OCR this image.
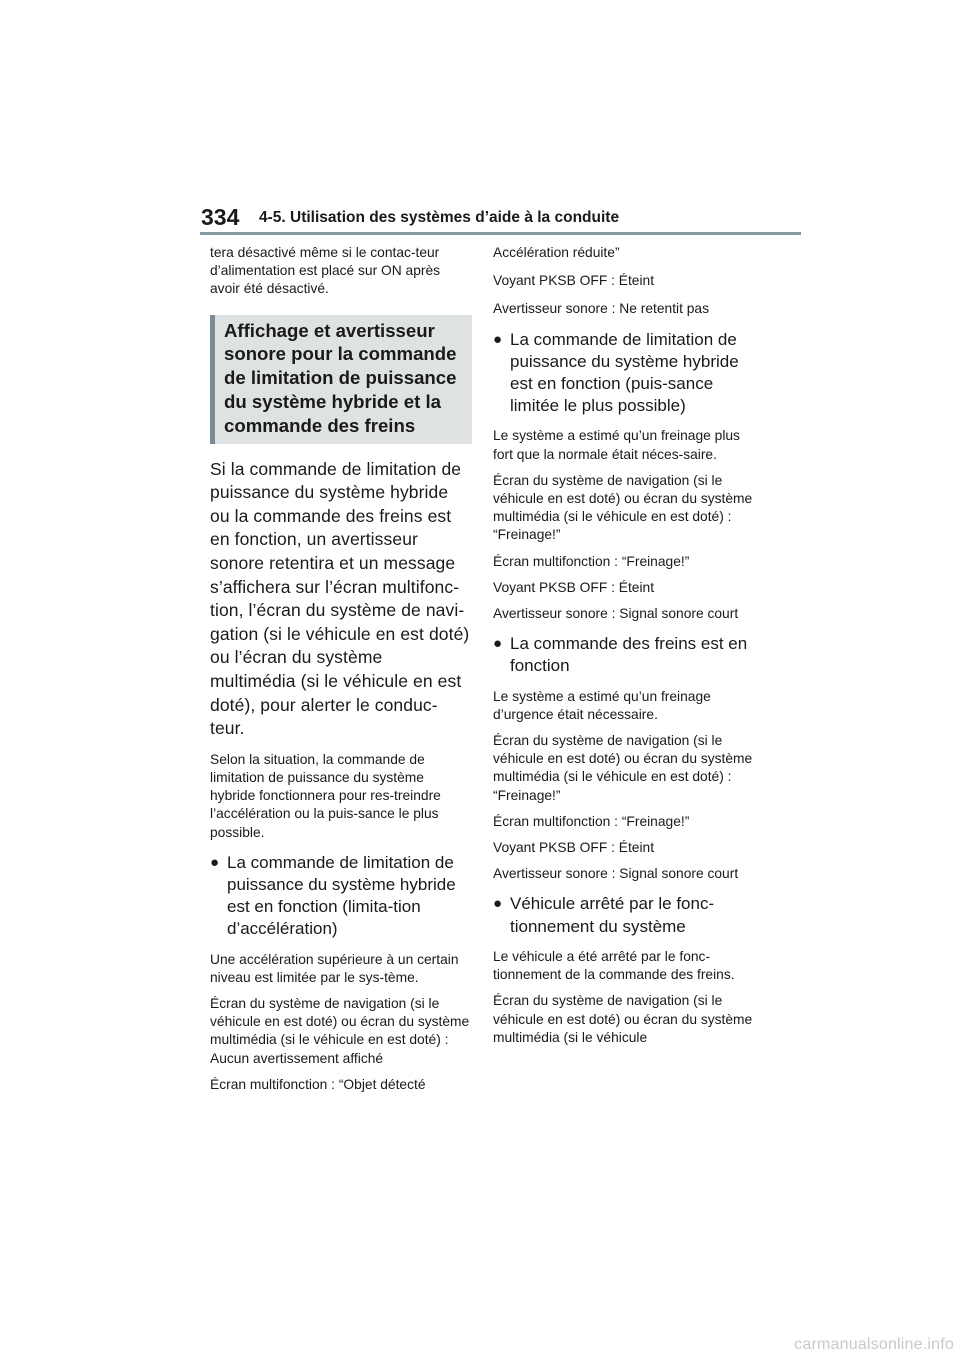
334 4-5. Utilisation des systèmes d’aide à la conduite

tera désactivé même si le contac-teur d’alimentation est placé sur ON après avoir été désactivé.

Affichage et avertisseur sonore pour la commande de limitation de puissance du système hybride et la commande des freins

Si la commande de limitation de puissance du système hybride ou la commande des freins est en fonction, un avertisseur sonore retentira et un message s’affichera sur l’écran multifonc-tion, l’écran du système de navi-gation (si le véhicule en est doté) ou l’écran du système multimédia (si le véhicule en est doté), pour alerter le conduc-teur.

Selon la situation, la commande de limitation de puissance du système hybride fonctionnera pour res-treindre l’accélération ou la puis-sance le plus possible.

● La commande de limitation de puissance du système hybride est en fonction (limita-tion d’accélération)

Une accélération supérieure à un certain niveau est limitée par le sys-tème.

Écran du système de navigation (si le véhicule en est doté) ou écran du système multimédia (si le véhicule en est doté) : Aucun avertissement affiché

Écran multifonction : “Objet détecté

Accélération réduite”

Voyant PKSB OFF : Éteint

Avertisseur sonore : Ne retentit pas

● La commande de limitation de puissance du système hybride est en fonction (puis-sance limitée le plus possible)

Le système a estimé qu’un freinage plus fort que la normale était néces-saire.

Écran du système de navigation (si le véhicule en est doté) ou écran du système multimédia (si le véhicule en est doté) : “Freinage!”

Écran multifonction : “Freinage!”

Voyant PKSB OFF : Éteint

Avertisseur sonore : Signal sonore court

● La commande des freins est en fonction

Le système a estimé qu’un freinage d’urgence était nécessaire.

Écran du système de navigation (si le véhicule en est doté) ou écran du système multimédia (si le véhicule en est doté) : “Freinage!”

Écran multifonction : “Freinage!”

Voyant PKSB OFF : Éteint

Avertisseur sonore : Signal sonore court

● Véhicule arrêté par le fonc-tionnement du système

Le véhicule a été arrêté par le fonc-tionnement de la commande des freins.

Écran du système de navigation (si le véhicule en est doté) ou écran du système multimédia (si le véhicule

carmanualsonline.info
